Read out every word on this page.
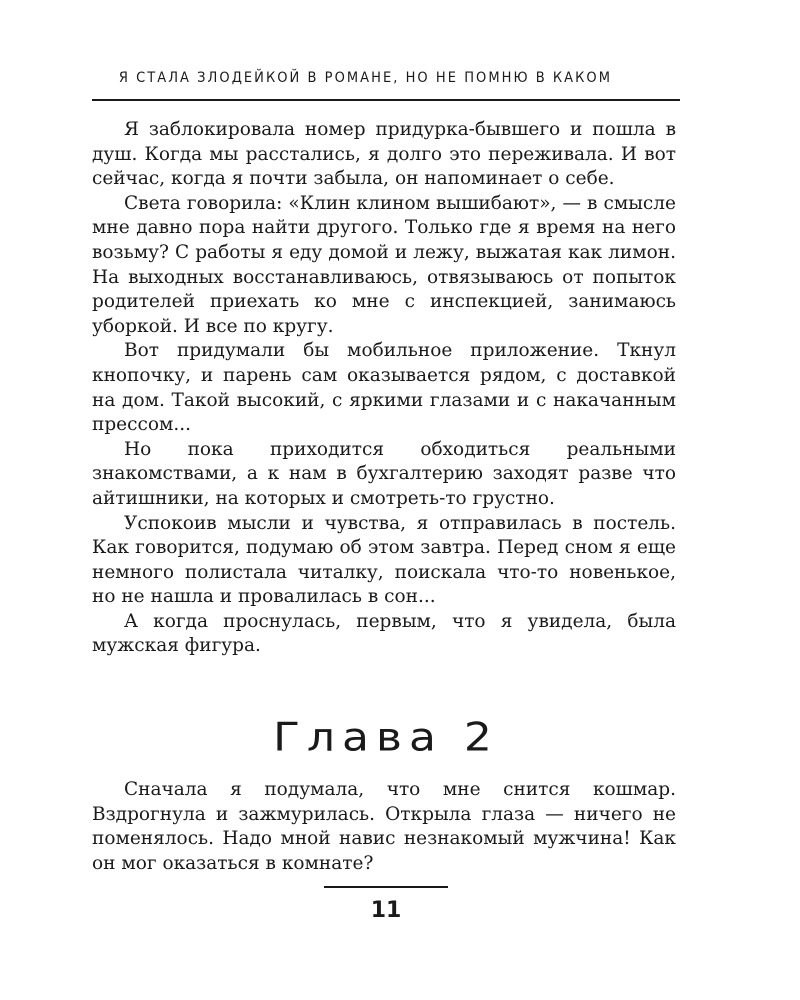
Я СТАЛА ЗЛОДЕЙКОЙ В РОМАНЕ, НО НЕ ПОМНЮ В КАКОМ

Я заблокировала номер придурка-бывшего и пошла в душ. Когда мы расстались, я долго это переживала. И вот сейчас, когда я почти забыла, он напоминает о себе.

Света говорила: «Клин клином вышибают», — в смысле мне давно пора найти другого. Только где я время на него возьму? С работы я еду домой и лежу, выжатая как лимон. На выходных восстанавливаюсь, отвязываюсь от попыток родителей приехать ко мне с инспекцией, занимаюсь уборкой. И все по кругу.

Вот придумали бы мобильное приложение. Ткнул кнопочку, и парень сам оказывается рядом, с доставкой на дом. Такой высокий, с яркими глазами и с накачанным прессом...

Но пока приходится обходиться реальными знакомствами, а к нам в бухгалтерию заходят разве что айтишники, на которых и смотреть-то грустно.

Успокоив мысли и чувства, я отправилась в постель. Как говорится, подумаю об этом завтра. Перед сном я еще немного полистала читалку, поискала что-то новенькое, но не нашла и провалилась в сон...

А когда проснулась, первым, что я увидела, была мужская фигура.

Глава 2

Сначала я подумала, что мне снится кошмар. Вздрогнула и зажмурилась. Открыла глаза — ничего не поменялось. Надо мной навис незнакомый мужчина! Как он мог оказаться в комнате?

11
